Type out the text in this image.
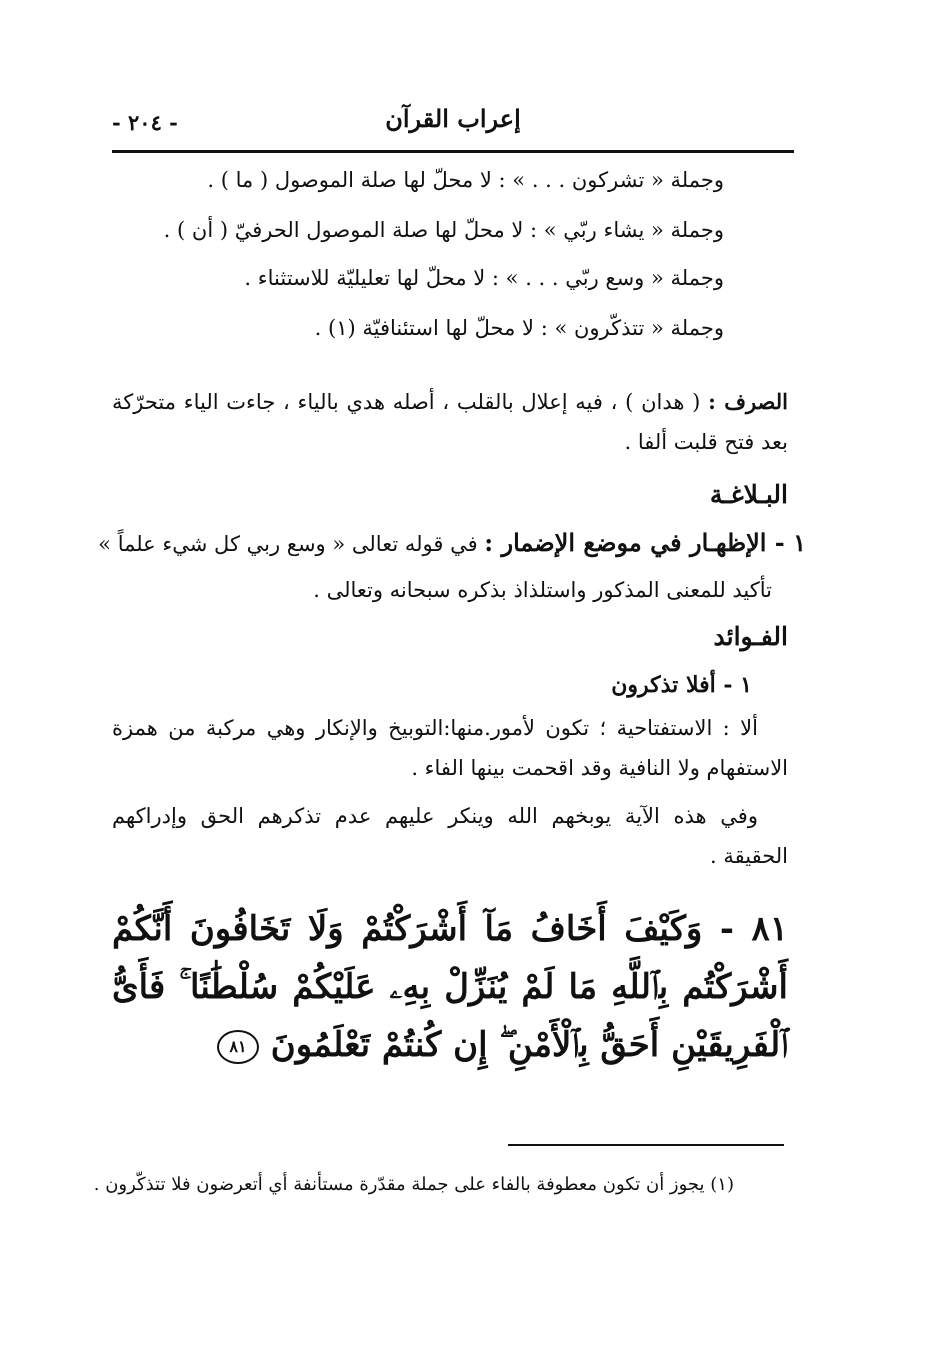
- ٢٠٤ -	إعراب القرآن
وجملة « تشركون . . . » : لا محلّ لها صلة الموصول ( ما ) .
وجملة « يشاء ربّي » : لا محلّ لها صلة الموصول الحرفيّ ( أن ) .
وجملة « وسع ربّي . . . » : لا محلّ لها تعليليّة للاستثناء .
وجملة « تتذكّرون » : لا محلّ لها استئنافيّة (١) .
الصرف : ( هدان ) ، فيه إعلال بالقلب ، أصله هدي بالياء ، جاءت الياء متحرّكة بعد فتح قلبت ألفا .
البـلاغـة
١ - الإظهـار في موضع الإضمار : في قوله تعالى « وسع ربي كل شيء علماً »
تأكيد للمعنى المذكور واستلذاذ بذكره سبحانه وتعالى .
الفـوائد
١ - أفلا تذكرون
ألا : الاستفتاحية ؛ تكون لأمور.منها:التوبيخ والإنكار وهي مركبة من همزة الاستفهام ولا النافية وقد اقحمت بينها الفاء .
وفي هذه الآية يوبخهم الله وينكر عليهم عدم تذكرهم الحق وإدراكهم الحقيقة .
٨١ - وَكَيْفَ أَخَافُ مَآ أَشْرَكْتُمْ وَلَا تَخَافُونَ أَنَّكُمْ أَشْرَكْتُم بِٱللَّهِ مَا لَمْ يُنَزِّلْ بِهِۦ عَلَيْكُمْ سُلْطَٰنًا ۚ فَأَىُّ ٱلْفَرِيقَيْنِ أَحَقُّ بِٱلْأَمْنِ ۖ إِن كُنتُمْ تَعْلَمُونَ ٨١
(١) يجوز أن تكون معطوفة بالفاء على جملة مقدّرة مستأنفة أي أتعرضون فلا تتذكّرون .
